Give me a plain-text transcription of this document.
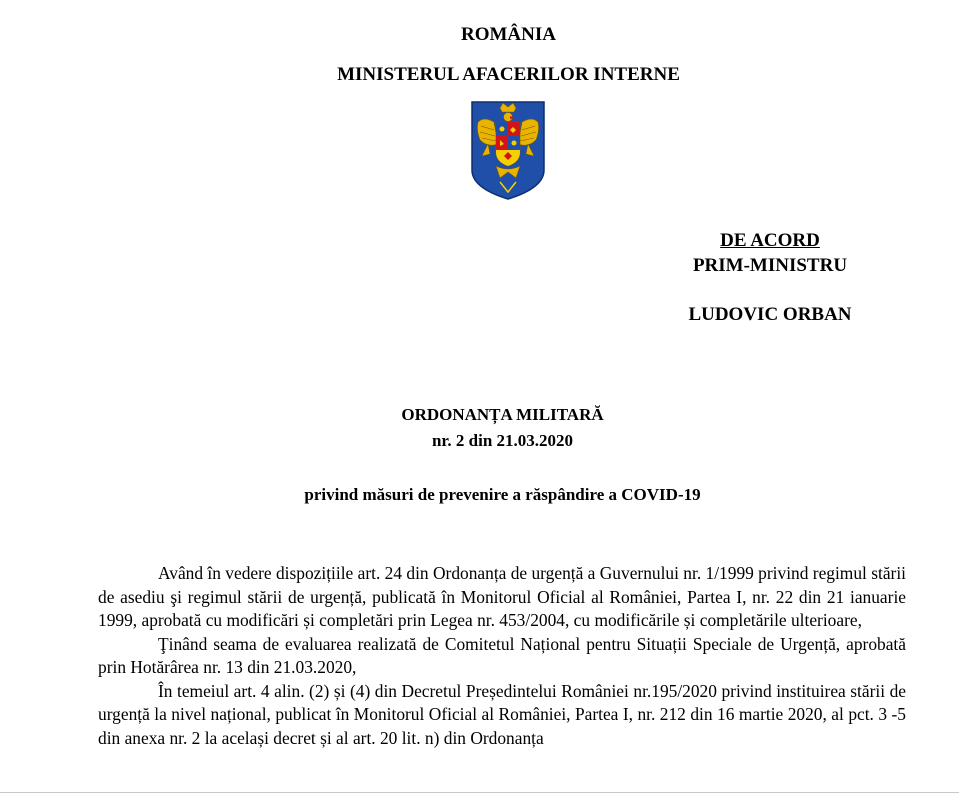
ROMÂNIA
MINISTERUL AFACERILOR INTERNE
DE ACORD
PRIM-MINISTRU
LUDOVIC ORBAN
ORDONANȚA MILITARĂ
nr. 2 din 21.03.2020
privind măsuri de prevenire a răspândire a COVID-19

Având în vedere dispozițiile art. 24 din Ordonanța de urgență a Guvernului nr. 1/1999 privind regimul stării de asediu şi regimul stării de urgență, publicată în Monitorul Oficial al României, Partea I, nr. 22 din 21 ianuarie 1999, aprobată cu modificări și completări prin Legea nr. 453/2004, cu modificările și completările ulterioare,

Ţinând seama de evaluarea realizată de Comitetul Național pentru Situații Speciale de Urgență, aprobată prin Hotărârea nr. 13 din 21.03.2020,

În temeiul art. 4 alin. (2) și (4) din Decretul Președintelui României nr.195/2020 privind instituirea stării de urgență la nivel național, publicat în Monitorul Oficial al României, Partea I, nr. 212 din 16 martie 2020, al pct. 3 -5 din anexa nr. 2 la același decret și al art. 20 lit. n) din Ordonanța
